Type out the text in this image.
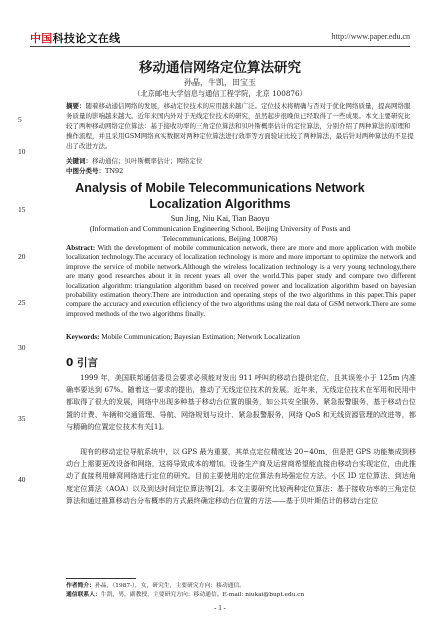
中国科技论文在线	http://www.paper.edu.cn
5
10
15
20
25
30
35
40
移动通信网络定位算法研究
孙晶，牛凯，田宝玉
（北京邮电大学信息与通信工程学院，北京 100876）
摘要：随着移动通信网络的发展，移动定位技术的应用越来越广泛。定位技术将精确与否对于优化网络质量，提高网络服务质量的影响越来越大。近年来国内外对于无线定位技术的研究，虽然起步很晚但已经取得了一些成果。本文主要研究比较了两种移动网络定位算法：基于接收功率的三角定位算法和贝叶斯概率估计的定位算法，分别介绍了两种算法的原理和操作流程，并且采用GSM网络真实数据对两种定位算法进行效率等方面验证比较了两种算法，最后针对两种算法的不足提出了改进方法。
关键词：移动通信；贝叶斯概率估计；网络定位
中图分类号：TN92
Analysis of Mobile Telecommunications Network
Localization Algorithms
Sun Jing, Niu Kai, Tian Baoyu
(Information and Communication Engineering School, Beijing University of Posts and
Telecommunications, Beijing 100876)
Abstract: With the development of mobile communication network, there are more and more application with mobile localization technology.The accuracy of localization technology is more and more important to optimize the network and improve the service of mobile network.Although the wireless localization technology is a very young technology,there are many good researches about it in recent years all over the world.This paper study and compare two different localization algorithm: triangulation algorithm based on received power and localization algorithm based on bayesian probability estimation theory.There are introduction and operating steps of the two algorithms in this paper.This paper compare the accuracy and execution efficiency of the two algorithms using the real data of GSM network.There are some improved methods of the two algorithms finally.
Keywords: Mobile Communication; Bayesian Estimation; Network Localization
0 引言
1999 年，美国联邦通信委员会要求必须能对发出 911 呼叫的移动台提供定位，且其误差小于 125m 内准确率要达到 67%。随着这一要求的提出，推动了无线定位技术的发展。近年来，无线定位技术在军用和民用中都取得了很大的发展，网络中出现多种基于移动台位置的服务，如公共安全服务、紧急报警服务，基于移动台位置的计费、车辆和交通管理、导航、网络规划与设计、紧急报警服务，网络 QoS 和无线资源管理的改进等，都与精确的位置定位技术有关[1]。
现有的移动定位导航系统中，以 GPS 最为重要，其单点定位精度达 20~40m，但是把 GPS 功能集成到移动台上需要更改设备和网络，这将导致成本的增加。设备生产商及运营商希望能直接由移动台实现定位，由此推动了直接利用蜂窝网络进行定位的研究。目前主要使用的定位算法有场强定位方法、小区 ID 定位算法、到达角度定位算法（AOA）以及到达时间定位算法等[2]。本文主要研究比较两种定位算法：基于接收功率的三角定位算法和通过推算移动台分布概率的方式最终确定移动台位置的方法——基于贝叶斯估计的移动台定位
作者简介：孙晶，（1987-），女，研究生，主要研究方向：移动通信。
通信联系人：牛凯，男，副教授，主要研究方向：移动通信。E-mail: niukai@bupt.edu.cn
- 1 -
